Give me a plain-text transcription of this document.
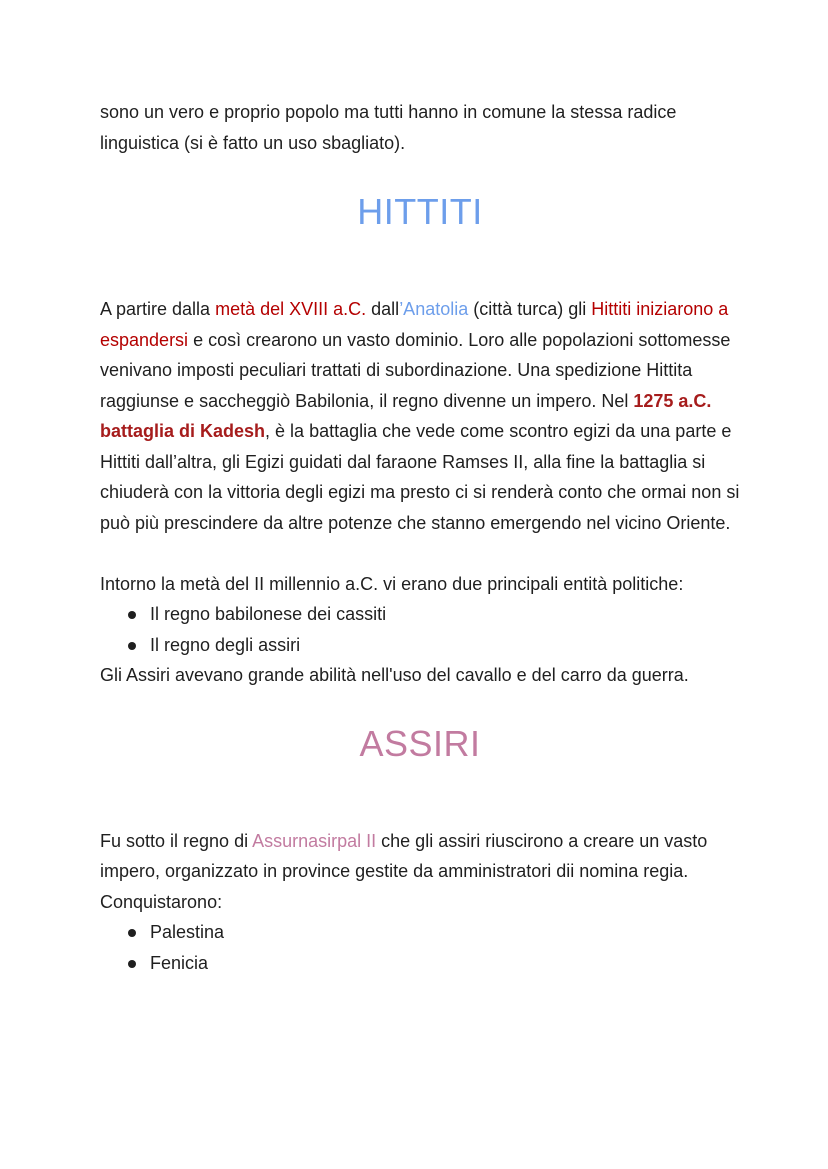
sono un vero e proprio popolo ma tutti hanno in comune la stessa radice linguistica (si è fatto un uso sbagliato).

HITTITI

A partire dalla metà del XVIII a.C. dall’Anatolia (città turca) gli Hittiti iniziarono a espandersi e così crearono un vasto dominio. Loro alle popolazioni sottomesse venivano imposti peculiari trattati di subordinazione. Una spedizione Hittita raggiunse e saccheggiò Babilonia, il regno divenne un impero. Nel 1275 a.C. battaglia di Kadesh, è la battaglia che vede come scontro egizi da una parte e Hittiti dall’altra, gli Egizi guidati dal faraone Ramses II, alla fine la battaglia si chiuderà con la vittoria degli egizi ma presto ci si renderà conto che ormai non si può più prescindere da altre potenze che stanno emergendo nel vicino Oriente.

Intorno la metà del II millennio a.C. vi erano due principali entità politiche:

Il regno babilonese dei cassiti
Il regno degli assiri

Gli Assiri avevano grande abilità nell'uso del cavallo e del carro da guerra.

ASSIRI

Fu sotto il regno di Assurnasirpal II che gli assiri riuscirono a creare un vasto impero, organizzato in province gestite da amministratori dii nomina regia. Conquistarono:

Palestina
Fenicia
